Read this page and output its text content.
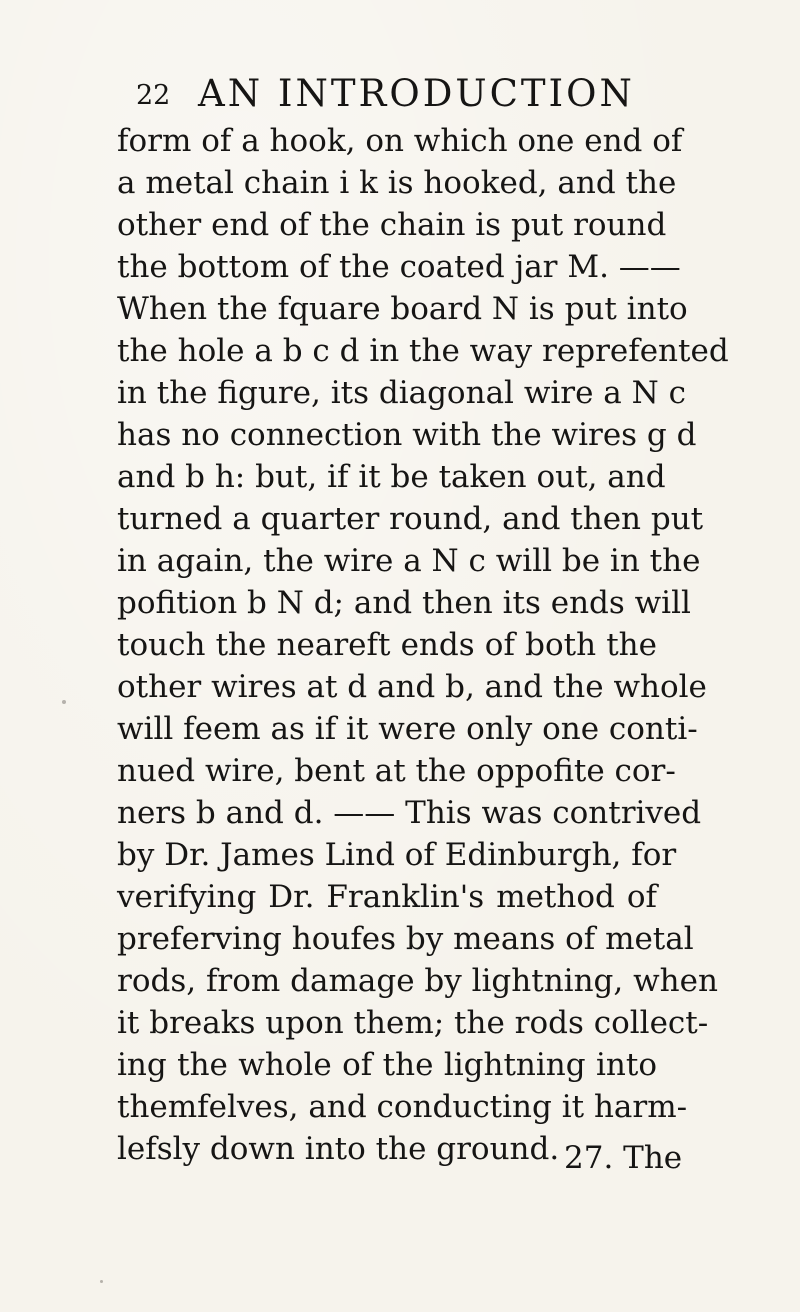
22 AN INTRODUCTION
form of a hook, on which one end of
a metal chain i k is hooked, and the
other end of the chain is put round
the bottom of the coated jar M. ——
When the fquare board N is put into
the hole a b c d in the way reprefented
in the figure, its diagonal wire a N c
has no connection with the wires g d
and b h: but, if it be taken out, and
turned a quarter round, and then put
in again, the wire a N c will be in the
pofition b N d; and then its ends will
touch the neareft ends of both the
other wires at d and b, and the whole
will feem as if it were only one conti-
nued wire, bent at the oppofite cor-
ners b and d. —— This was contrived
by Dr. James Lind of Edinburgh, for
verifying Dr. Franklin's method of
preferving houfes by means of metal
rods, from damage by lightning, when
it breaks upon them; the rods collect-
ing the whole of the lightning into
themfelves, and conducting it harm-
lefsly down into the ground. 27. The
